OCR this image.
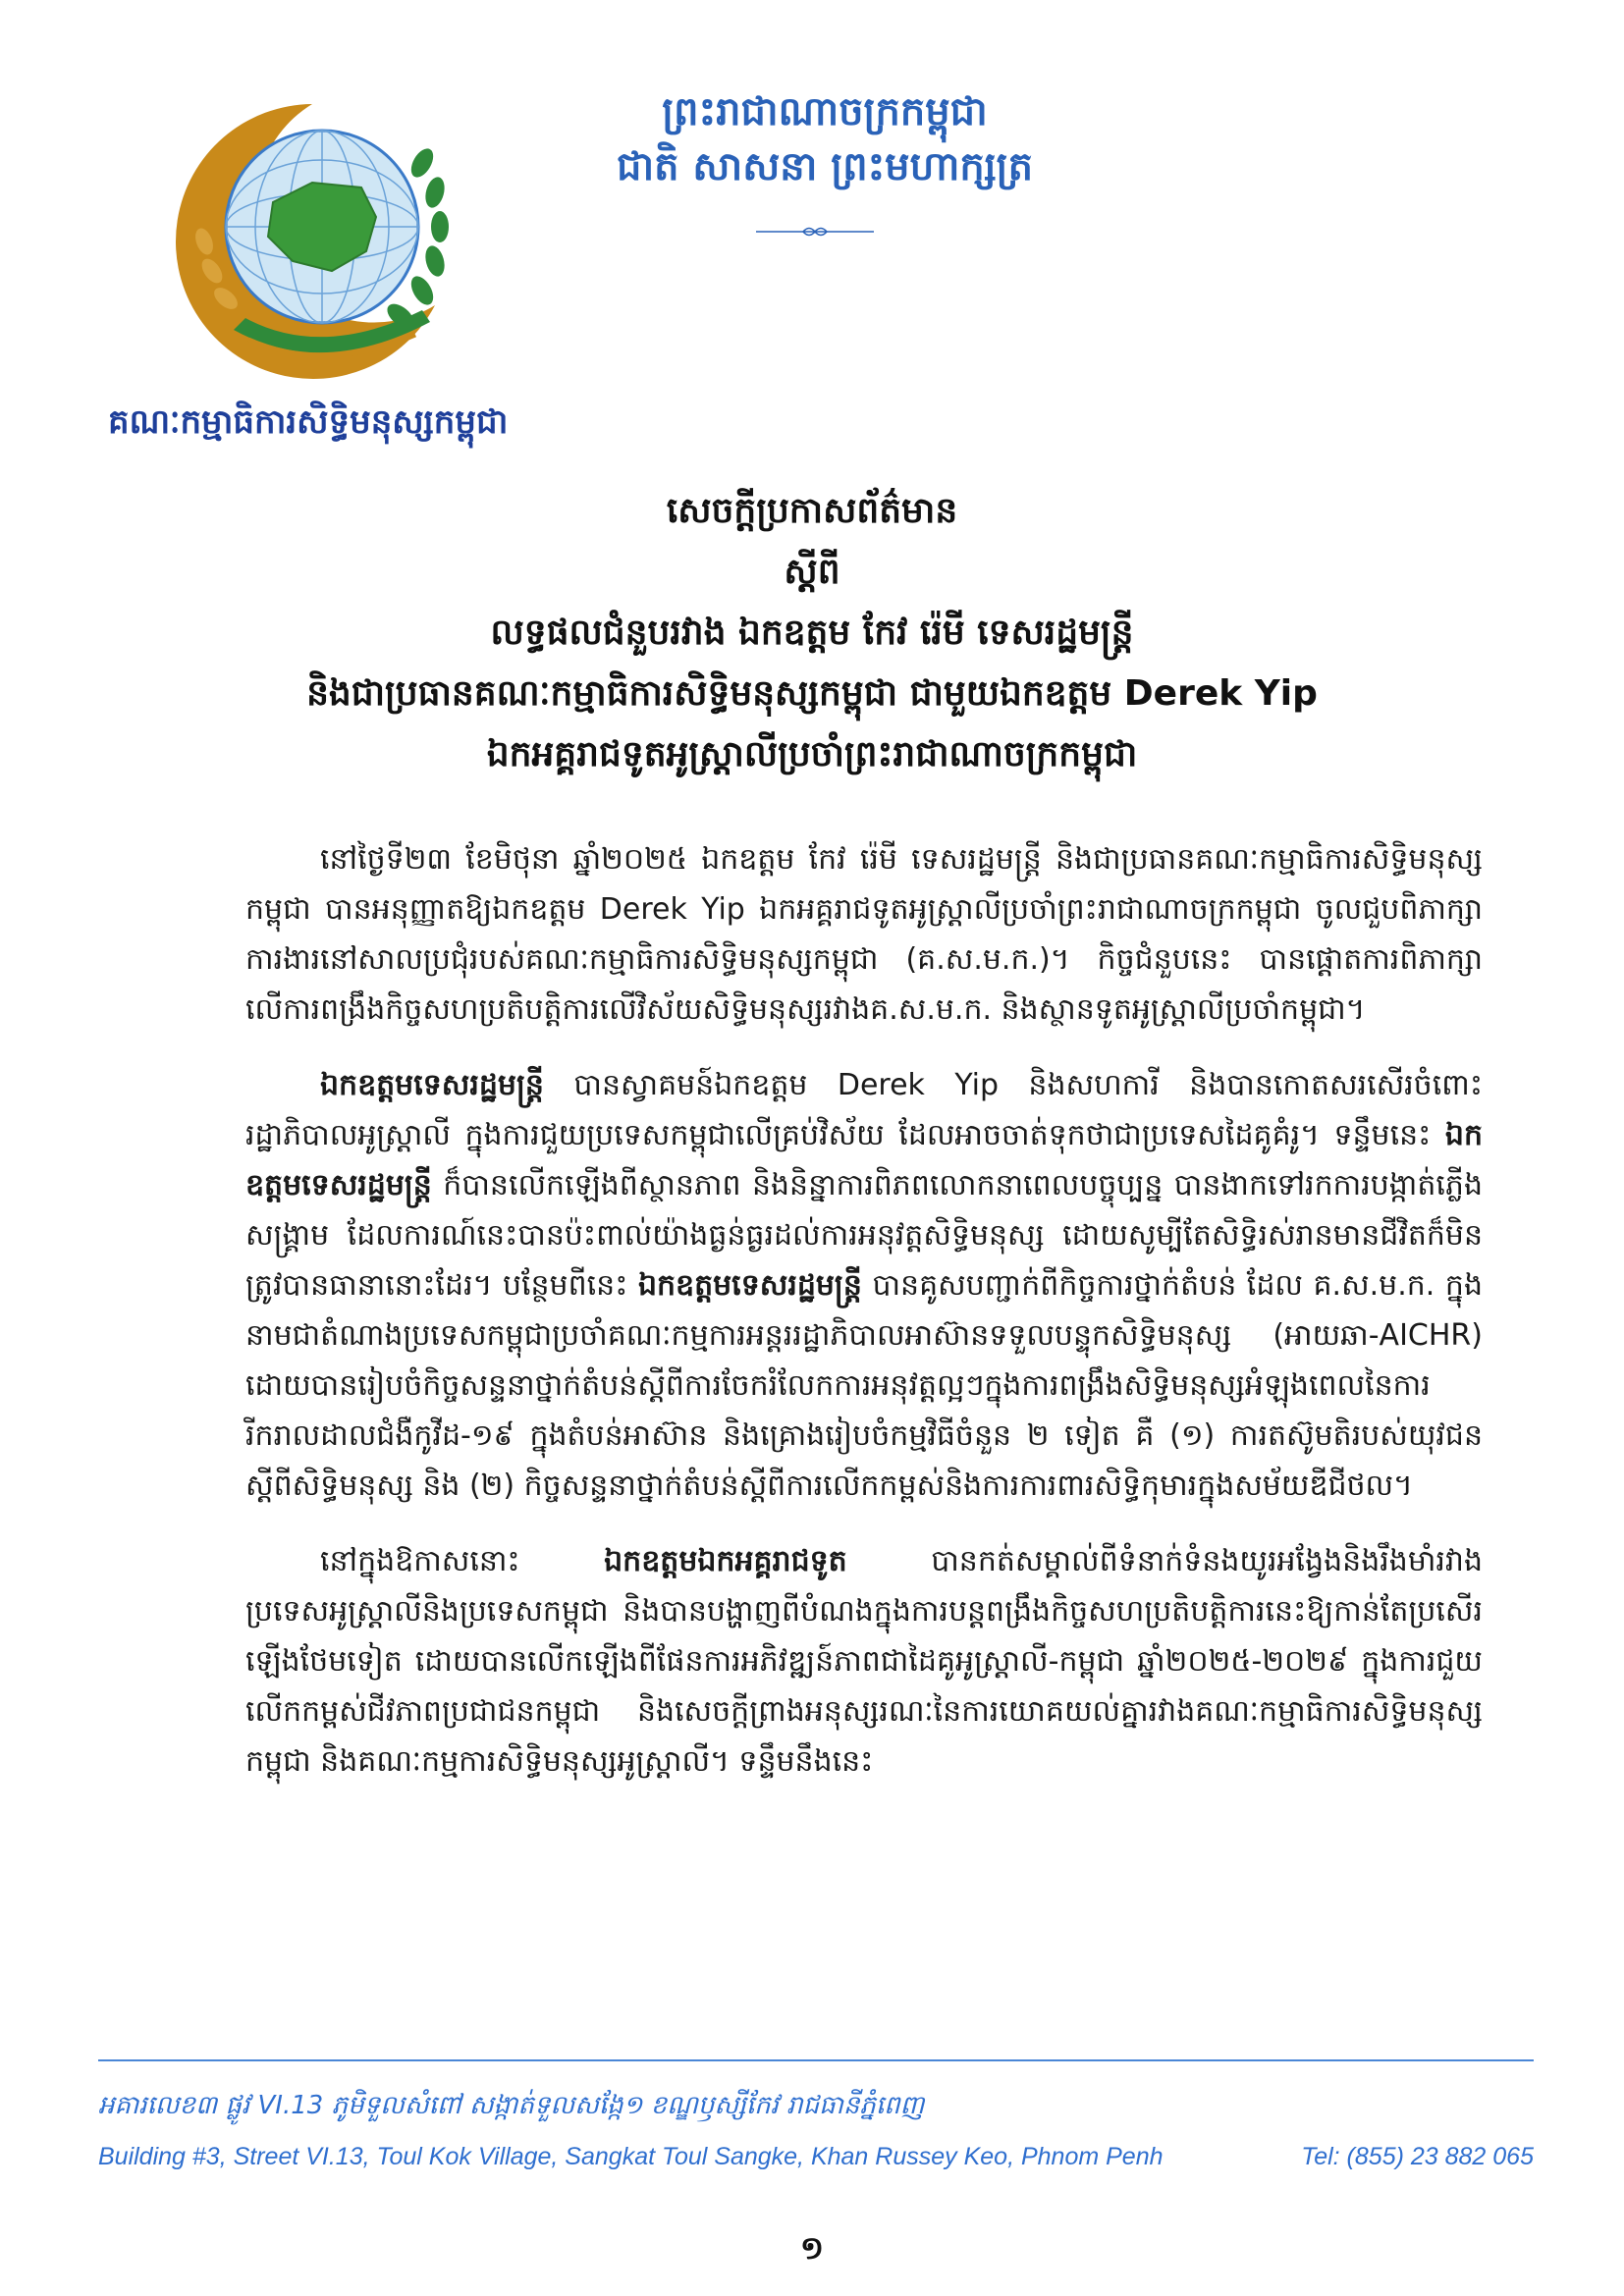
គណៈកម្មាធិការសិទ្ធិមនុស្សកម្ពុជា
ព្រះរាជាណាចក្រកម្ពុជា
ជាតិ សាសនា ព្រះមហាក្សត្រ
សេចក្តីប្រកាសព័ត៌មាន
ស្តីពី
លទ្ធផលជំនួបរវាង ឯកឧត្តម កែវ រ៉េមី ទេសរដ្ឋមន្ត្រី
និងជាប្រធានគណៈកម្មាធិការសិទ្ធិមនុស្សកម្ពុជា ជាមួយឯកឧត្តម Derek Yip
ឯកអគ្គរាជទូតអូស្ត្រាលីប្រចាំព្រះរាជាណាចក្រកម្ពុជា

នៅថ្ងៃទី២៣ ខែមិថុនា ឆ្នាំ២០២៥ ឯកឧត្តម កែវ រ៉េមី ទេសរដ្ឋមន្ត្រី និងជាប្រធានគណៈកម្មាធិការសិទ្ធិមនុស្សកម្ពុជា បានអនុញ្ញាតឱ្យឯកឧត្តម Derek Yip ឯកអគ្គរាជទូតអូស្ត្រាលីប្រចាំព្រះរាជាណាចក្រកម្ពុជា ចូលជួបពិភាក្សាការងារនៅសាលប្រជុំរបស់គណៈកម្មាធិការសិទ្ធិមនុស្សកម្ពុជា (គ.ស.ម.ក.)។ កិច្ចជំនួបនេះ បានផ្តោតការពិភាក្សាលើការពង្រឹងកិច្ចសហប្រតិបត្តិការលើវិស័យសិទ្ធិមនុស្សរវាងគ.ស.ម.ក. និងស្ថានទូតអូស្ត្រាលីប្រចាំកម្ពុជា។

ឯកឧត្តមទេសរដ្ឋមន្ត្រី បានស្វាគមន៍ឯកឧត្តម Derek Yip និងសហការី និងបានកោតសរសើរចំពោះរដ្ឋាភិបាលអូស្ត្រាលី ក្នុងការជួយប្រទេសកម្ពុជាលើគ្រប់វិស័យ ដែលអាចចាត់ទុកថាជាប្រទេសដៃគូគំរូ។ ទន្ទឹមនេះ ឯកឧត្តមទេសរដ្ឋមន្ត្រី ក៏បានលើកឡើងពីស្ថានភាព និងនិន្នាការពិភពលោកនាពេលបច្ចុប្បន្ន បានងាកទៅរកការបង្កាត់ភ្លើងសង្គ្រាម ដែលការណ៍នេះបានប៉ះពាល់យ៉ាងធ្ងន់ធ្ងរដល់ការអនុវត្តសិទ្ធិមនុស្ស ដោយសូម្បីតែសិទ្ធិរស់រានមានជីវិតក៏មិនត្រូវបានធានានោះដែរ។ បន្ថែមពីនេះ ឯកឧត្តមទេសរដ្ឋមន្ត្រី បានគូសបញ្ជាក់ពីកិច្ចការថ្នាក់តំបន់ ដែល គ.ស.ម.ក. ក្នុងនាមជាតំណាងប្រទេសកម្ពុជាប្រចាំគណៈកម្មការអន្តររដ្ឋាភិបាលអាស៊ានទទួលបន្ទុកសិទ្ធិមនុស្ស (អាយឆា-AICHR) ដោយបានរៀបចំកិច្ចសន្ទនាថ្នាក់តំបន់ស្តីពីការចែករំលែកការអនុវត្តល្អៗក្នុងការពង្រឹងសិទ្ធិមនុស្សអំឡុងពេលនៃការរីករាលដាលជំងឺកូវីដ-១៩ ក្នុងតំបន់អាស៊ាន និងគ្រោងរៀបចំកម្មវិធីចំនួន ២ ទៀត គឺ (១) ការតស៊ូមតិរបស់យុវជនស្តីពីសិទ្ធិមនុស្ស និង (២) កិច្ចសន្ទនាថ្នាក់តំបន់ស្តីពីការលើកកម្ពស់និងការការពារសិទ្ធិកុមារក្នុងសម័យឌីជីថល។

នៅក្នុងឱកាសនោះ ឯកឧត្តមឯកអគ្គរាជទូត បានកត់សម្គាល់ពីទំនាក់ទំនងយូរអង្វែងនិងរឹងមាំរវាងប្រទេសអូស្ត្រាលីនិងប្រទេសកម្ពុជា និងបានបង្ហាញពីបំណងក្នុងការបន្តពង្រឹងកិច្ចសហប្រតិបត្តិការនេះឱ្យកាន់តែប្រសើរឡើងថែមទៀត ដោយបានលើកឡើងពីផែនការអភិវឌ្ឍន៍ភាពជាដៃគូអូស្ត្រាលី-កម្ពុជា ឆ្នាំ២០២៥-២០២៩ ក្នុងការជួយលើកកម្ពស់ជីវភាពប្រជាជនកម្ពុជា និងសេចក្តីព្រាងអនុស្សរណៈនៃការយោគយល់គ្នារវាងគណៈកម្មាធិការសិទ្ធិមនុស្សកម្ពុជា និងគណៈកម្មការសិទ្ធិមនុស្សអូស្ត្រាលី។ ទន្ទឹមនឹងនេះ

អគារលេខ៣ ផ្លូវ VI.13 ភូមិទួលសំពៅ សង្កាត់ទួលសង្កែ១ ខណ្ឌឫស្សីកែវ រាជធានីភ្នំពេញ
Building #3, Street VI.13, Toul Kok Village, Sangkat Toul Sangke, Khan Russey Keo, Phnom Penh	Tel: (855) 23 882 065
១
